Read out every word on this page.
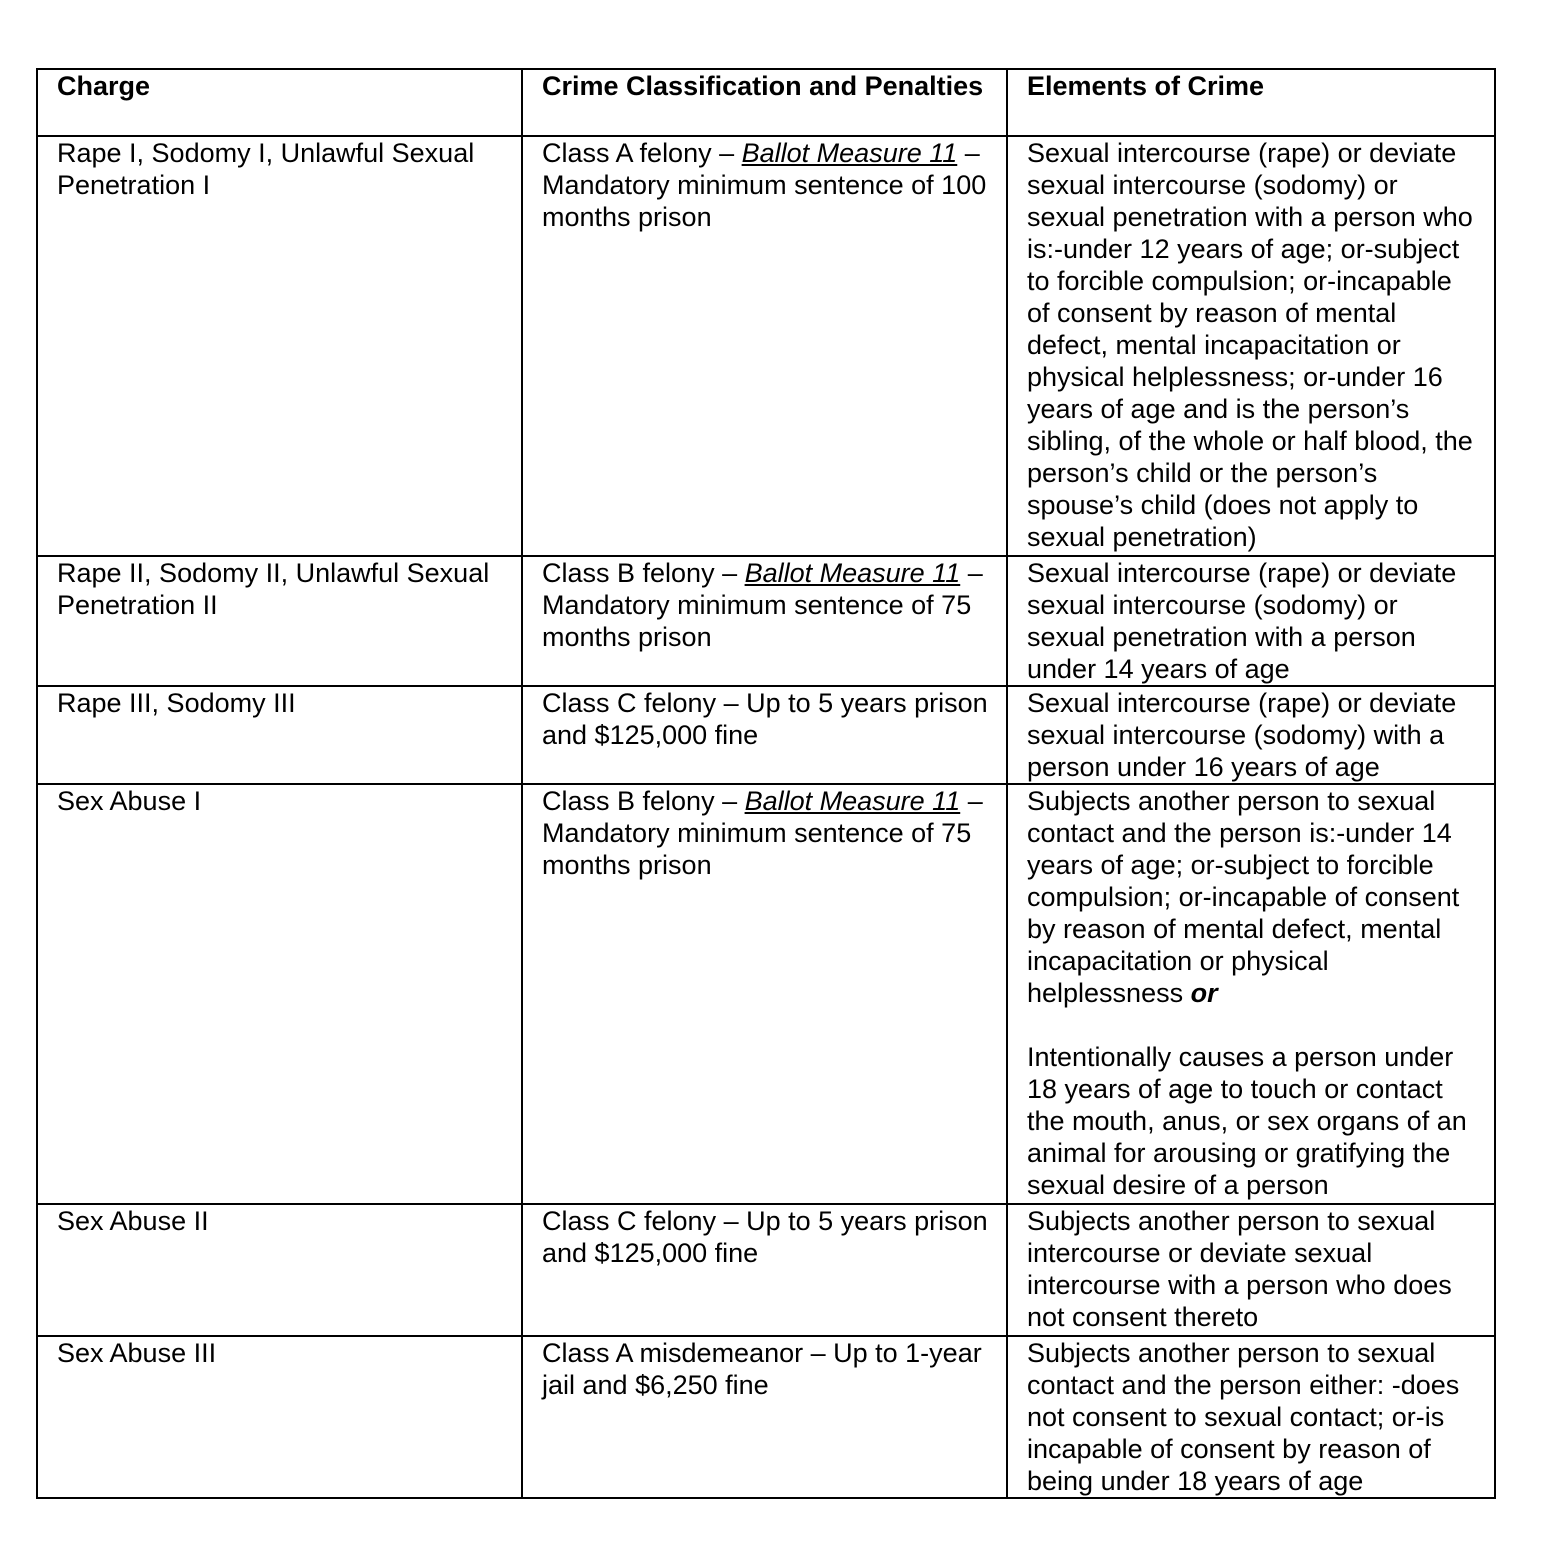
Charge	Crime Classification and Penalties	Elements of Crime
Rape I, Sodomy I, Unlawful Sexual Penetration I	Class A felony – Ballot Measure 11 – Mandatory minimum sentence of 100 months prison	Sexual intercourse (rape) or deviate sexual intercourse (sodomy) or sexual penetration with a person who is:-under 12 years of age; or-subject to forcible compulsion; or-incapable of consent by reason of mental defect, mental incapacitation or physical helplessness; or-under 16 years of age and is the person’s sibling, of the whole or half blood, the person’s child or the person’s spouse’s child (does not apply to sexual penetration)
Rape II, Sodomy II, Unlawful Sexual Penetration II	Class B felony – Ballot Measure 11 – Mandatory minimum sentence of 75 months prison	Sexual intercourse (rape) or deviate sexual intercourse (sodomy) or sexual penetration with a person under 14 years of age
Rape III, Sodomy III	Class C felony – Up to 5 years prison and $125,000 fine	Sexual intercourse (rape) or deviate sexual intercourse (sodomy) with a person under 16 years of age
Sex Abuse I	Class B felony – Ballot Measure 11 – Mandatory minimum sentence of 75 months prison	Subjects another person to sexual contact and the person is:-under 14 years of age; or-subject to forcible compulsion; or-incapable of consent by reason of mental defect, mental incapacitation or physical helplessness or
Intentionally causes a person under 18 years of age to touch or contact the mouth, anus, or sex organs of an animal for arousing or gratifying the sexual desire of a person
Sex Abuse II	Class C felony – Up to 5 years prison and $125,000 fine	Subjects another person to sexual intercourse or deviate sexual intercourse with a person who does not consent thereto
Sex Abuse III	Class A misdemeanor – Up to 1-year jail and $6,250 fine	Subjects another person to sexual contact and the person either: -does not consent to sexual contact; or-is incapable of consent by reason of being under 18 years of age
